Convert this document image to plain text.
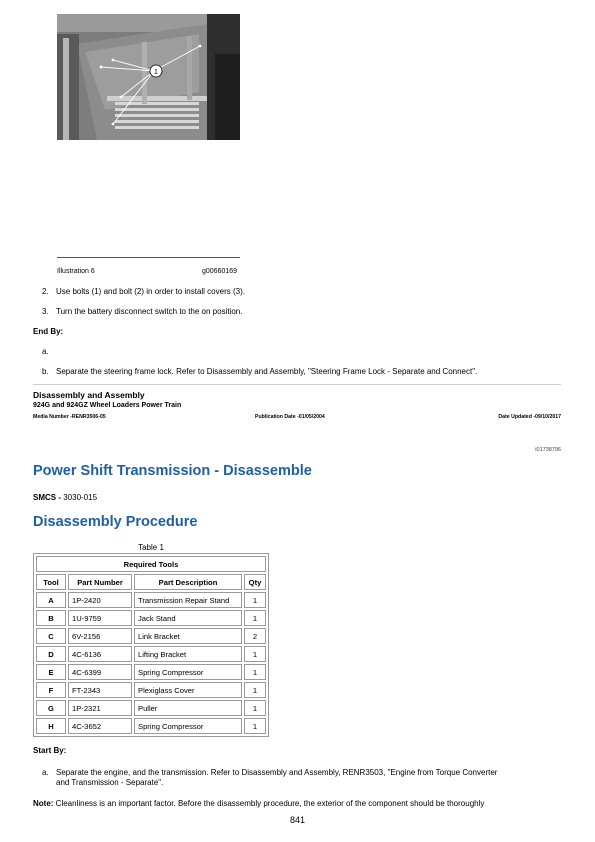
1
Illustration 6	g00660169
2. Use bolts (1) and bolt (2) in order to install covers (3).
3. Turn the battery disconnect switch to the on position.
End By:
a.
b. Separate the steering frame lock. Refer to Disassembly and Assembly, "Steering Frame Lock - Separate and Connect".
Disassembly and Assembly
924G and 924GZ Wheel Loaders Power Train
Media Number -RENR3506-05	Publication Date -01/05/2004	Date Updated -09/10/2017
i01738796
Power Shift Transmission - Disassemble
SMCS - 3030-015
Disassembly Procedure
Table 1
Required Tools			
Tool	Part Number	Part Description	Qty
A	1P-2420	Transmission Repair Stand	1
B	1U-9759	Jack Stand	1
C	6V-2156	Link Bracket	2
D	4C-6136	Lifting Bracket	1
E	4C-6399	Spring Compressor	1
F	FT-2343	Plexiglass Cover	1
G	1P-2321	Puller	1
H	4C-3652	Spring Compressor	1
Start By:
a. Separate the engine, and the transmission. Refer to Disassembly and Assembly, RENR3503, "Engine from Torque Converter
and Transmission - Separate".
Note: Cleanliness is an important factor. Before the disassembly procedure, the exterior of the component should be thoroughly
841
